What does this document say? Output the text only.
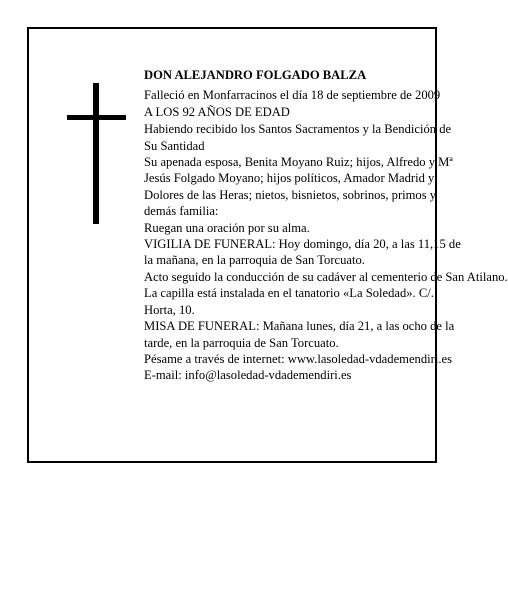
DON ALEJANDRO FOLGADO BALZA

Falleció en Monfarracinos el día 18 de septiembre de 2009

A LOS 92 AÑOS DE EDAD

Habiendo recibido los Santos Sacramentos y la Bendición de Su Santidad

Su apenada esposa, Benita Moyano Ruiz; hijos, Alfredo y Mª Jesús Folgado Moyano; hijos políticos, Amador Madrid y Dolores de las Heras; nietos, bisnietos, sobrinos, primos y demás familia:

Ruegan una oración por su alma.

VIGILIA DE FUNERAL: Hoy domingo, día 20, a las 11,15 de la mañana, en la parroquia de San Torcuato.

Acto seguido la conducción de su cadáver al cementerio de San Atilano.

La capilla está instalada en el tanatorio «La Soledad». C/. Horta, 10.

MISA DE FUNERAL: Mañana lunes, día 21, a las ocho de la tarde, en la parroquia de San Torcuato.

Pésame a través de internet: www.lasoledad-vdademendiri.es

E-mail: info@lasoledad-vdademendiri.es
